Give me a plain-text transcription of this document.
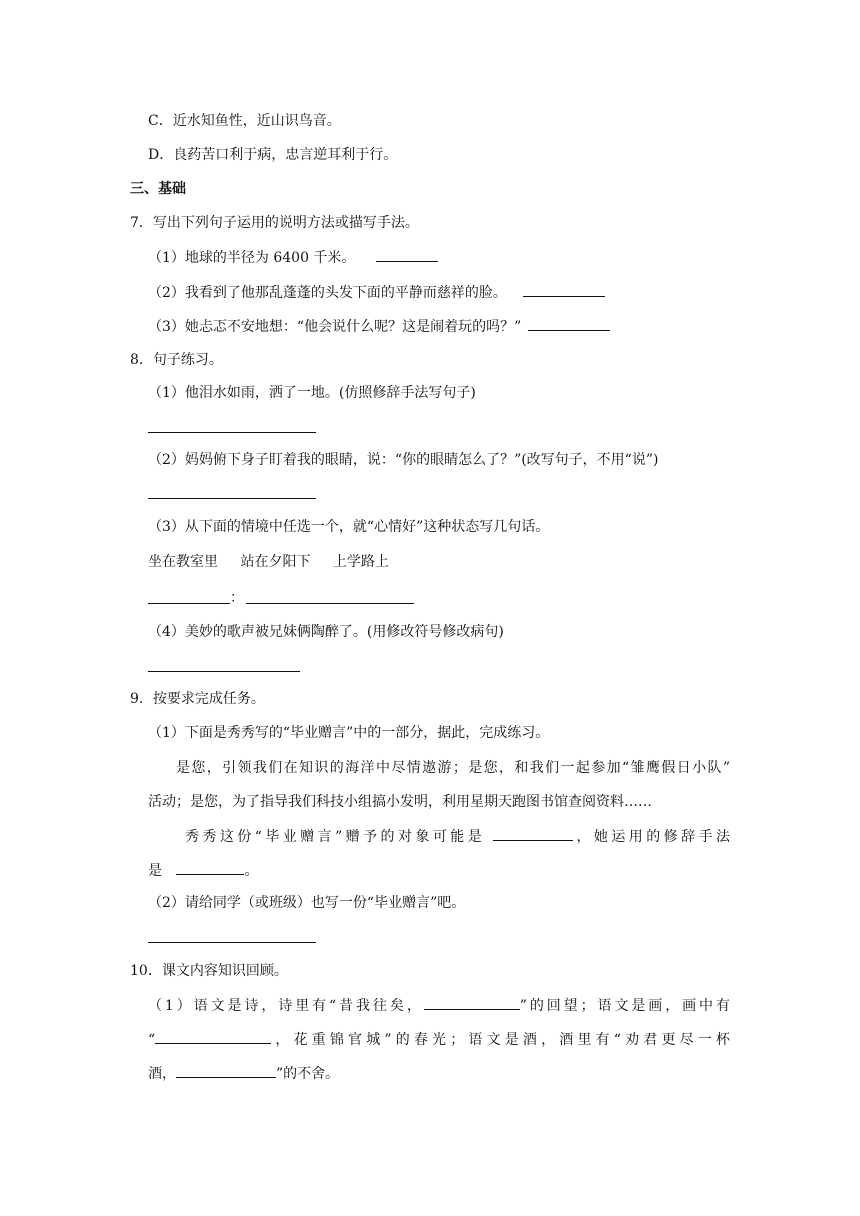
C．近水知鱼性，近山识鸟音。
D．良药苦口利于病，忠言逆耳利于行。
三、基础
7．写出下列句子运用的说明方法或描写手法。
（1）地球的半径为 6400 千米。
（2）我看到了他那乱蓬蓬的头发下面的平静而慈祥的脸。
（3）她忐忑不安地想：“他会说什么呢？这是闹着玩的吗？”
8．句子练习。
（1）他泪水如雨，洒了一地。(仿照修辞手法写句子)
（2）妈妈俯下身子盯着我的眼睛，说：“你的眼睛怎么了？”(改写句子，不用“说”)
（3）从下面的情境中任选一个，就“心情好”这种状态写几句话。
坐在教室里 站在夕阳下 上学路上
：
（4）美妙的歌声被兄妹俩陶醉了。(用修改符号修改病句)
9．按要求完成任务。
（1）下面是秀秀写的“毕业赠言”中的一部分，据此，完成练习。
是您，引领我们在知识的海洋中尽情遨游；是您，和我们一起参加“雏鹰假日小队”
活动；是您，为了指导我们科技小组搞小发明，利用星期天跑图书馆查阅资料……
秀秀这份“毕业赠言”赠予的对象可能是	，她运用的修辞手法
是	。
（2）请给同学（或班级）也写一份“毕业赠言”吧。
10．课文内容知识回顾。
（1）语文是诗，诗里有“昔我往矣，	”的回望；语文是画，画中有
“	，花重锦官城”的春光；语文是酒，酒里有“劝君更尽一杯
酒，	”的不舍。
